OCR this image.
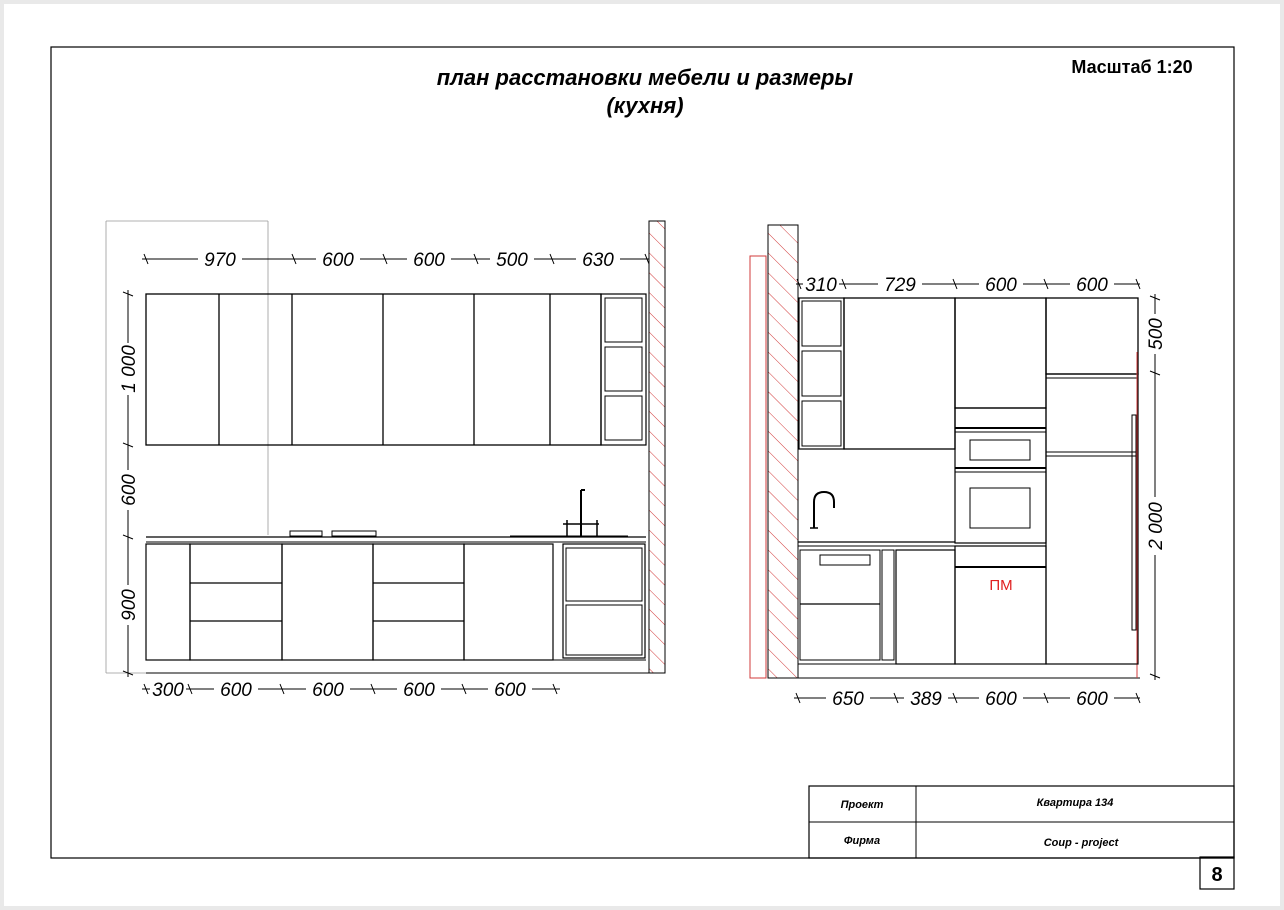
план расстановки мебели и размеры
(кухня)
Масштаб 1:20
970	600	600	500	630
300 600	600	600	600
1 000
600
900
ПМ
310 729	600	600
650 389 600	600
500
2 000
Проект	Квартира 134
Фирма	Coup - project
8
